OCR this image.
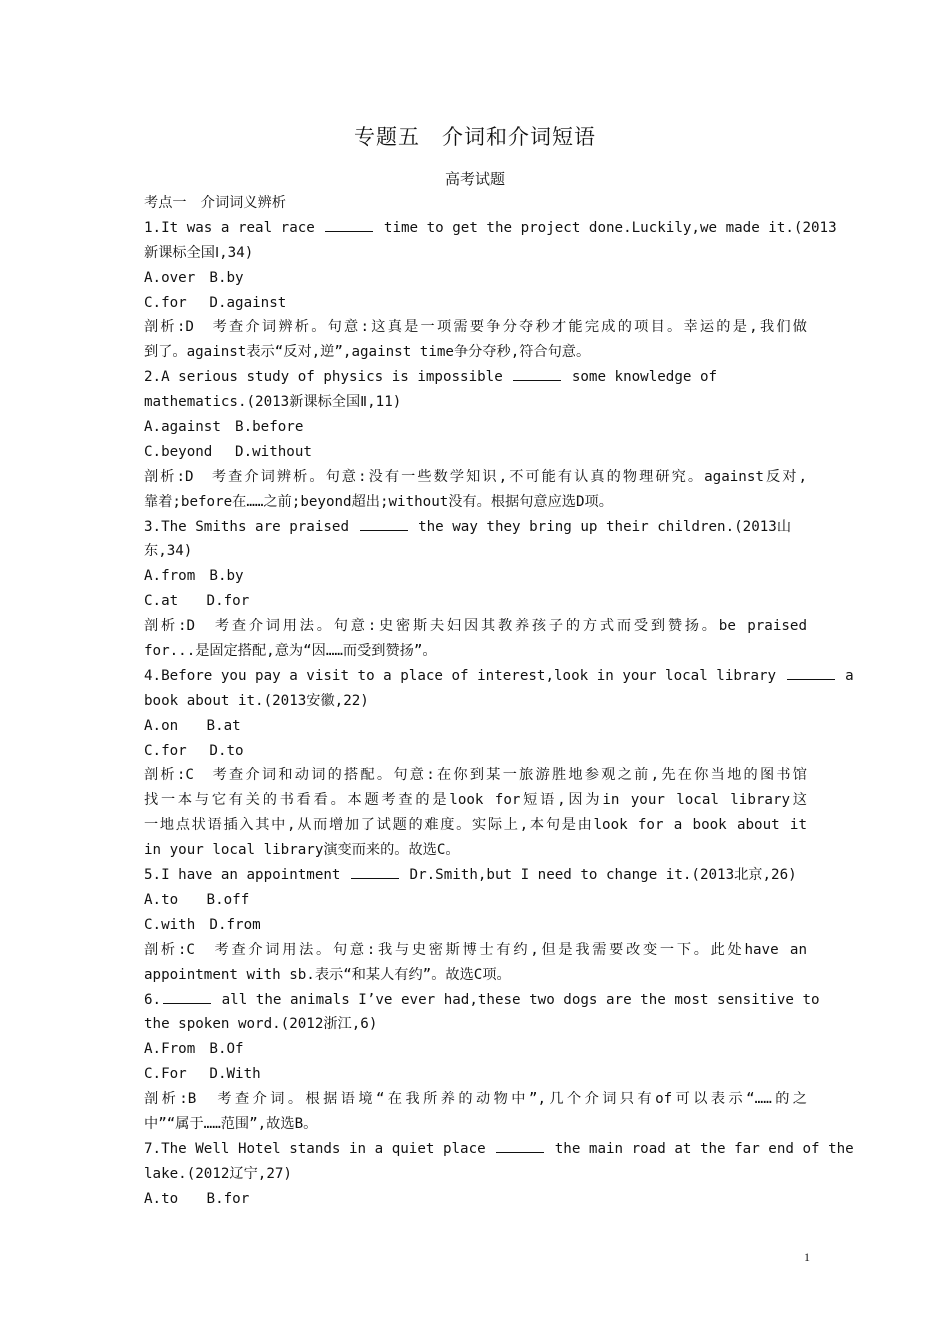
专题五　介词和介词短语
高考试题
考点一　介词词义辨析
1.It was a real race	time to get the project done.Luckily,we made it.(2013
新课标全国Ⅰ,34)
A.over　B.by
C.for　 D.against
剖析:D　考查介词辨析。句意:这真是一项需要争分夺秒才能完成的项目。幸运的是,我们做
到了。against表示“反对,逆”,against time争分夺秒,符合句意。
2.A serious study of physics is impossible	some knowledge of
mathematics.(2013新课标全国Ⅱ,11)
A.against　B.before
C.beyond　 D.without
剖析:D　考查介词辨析。句意:没有一些数学知识,不可能有认真的物理研究。against反对,
靠着;before在……之前;beyond超出;without没有。根据句意应选D项。
3.The Smiths are praised	the way they bring up their children.(2013山
东,34)
A.from　B.by
C.at　　D.for
剖析:D　考查介词用法。句意:史密斯夫妇因其教养孩子的方式而受到赞扬。be praised
for...是固定搭配,意为“因……而受到赞扬”。
4.Before you pay a visit to a place of interest,look in your local library	a
book about it.(2013安徽,22)
A.on　　B.at
C.for　 D.to
剖析:C　考查介词和动词的搭配。句意:在你到某一旅游胜地参观之前,先在你当地的图书馆
找一本与它有关的书看看。本题考查的是look for短语,因为in your local library这
一地点状语插入其中,从而增加了试题的难度。实际上,本句是由look for a book about it
in your local library演变而来的。故选C。
5.I have an appointment	Dr.Smith,but I need to change it.(2013北京,26)
A.to　　B.off
C.with　D.from
剖析:C　考查介词用法。句意:我与史密斯博士有约,但是我需要改变一下。此处have an
appointment with sb.表示“和某人有约”。故选C项。
6.	all the animals I’ve ever had,these two dogs are the most sensitive to
the spoken word.(2012浙江,6)
A.From　B.Of
C.For　 D.With
剖析:B　考查介词。根据语境“在我所养的动物中”,几个介词只有of可以表示“……的之
中”“属于……范围”,故选B。
7.The Well Hotel stands in a quiet place	the main road at the far end of the
lake.(2012辽宁,27)
A.to　　B.for
1
